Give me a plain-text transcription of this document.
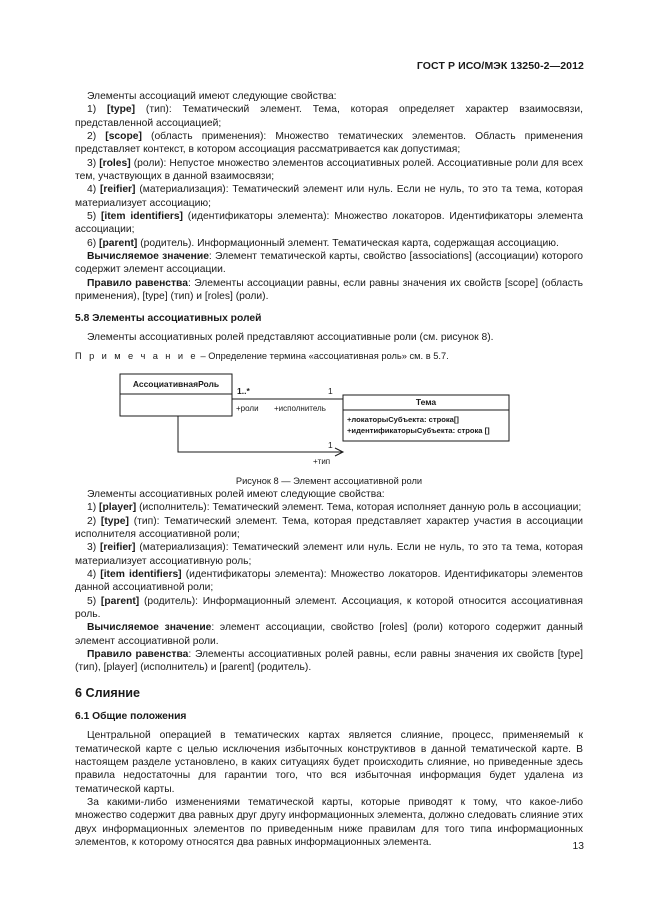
ГОСТ Р ИСО/МЭК 13250-2—2012

Элементы ассоциаций имеют следующие свойства:

1) [type] (тип): Тематический элемент. Тема, которая определяет характер взаимосвязи, представленной ассоциацией;

2) [scope] (область применения): Множество тематических элементов. Область применения представляет контекст, в котором ассоциация рассматривается как допустимая;

3) [roles] (роли): Непустое множество элементов ассоциативных ролей. Ассоциативные роли для всех тем, участвующих в данной взаимосвязи;

4) [reifier] (материализация): Тематический элемент или нуль. Если не нуль, то это та тема, которая материализует ассоциацию;

5) [item identifiers] (идентификаторы элемента): Множество локаторов. Идентификаторы элемента ассоциации;

6) [parent] (родитель). Информационный элемент. Тематическая карта, содержащая ассоциацию.

Вычисляемое значение: Элемент тематической карты, свойство [associations] (ассоциации) которого содержит элемент ассоциации.

Правило равенства: Элементы ассоциации равны, если равны значения их свойств [scope] (область применения), [type] (тип) и [roles] (роли).

5.8 Элементы ассоциативных ролей

Элементы ассоциативных ролей представляют ассоциативные роли (см. рисунок 8).

П р и м е ч а н и е – Определение термина «ассоциативная роль» см. в 5.7.

АссоциативнаяРоль
Тема
+локаторыСубъекта: строка[]
+идентификаторыСубъекта: строка []
1..*	1
+роли +исполнитель
1
+тип

Рисунок 8 — Элемент ассоциативной роли

Элементы ассоциативных ролей имеют следующие свойства:

1) [player] (исполнитель): Тематический элемент. Тема, которая исполняет данную роль в ассоциации;

2) [type] (тип): Тематический элемент. Тема, которая представляет характер участия в ассоциации исполнителя ассоциативной роли;

3) [reifier] (материализация): Тематический элемент или нуль. Если не нуль, то это та тема, которая материализует ассоциативную роль;

4) [item identifiers] (идентификаторы элемента): Множество локаторов. Идентификаторы элементов данной ассоциативной роли;

5) [parent] (родитель): Информационный элемент. Ассоциация, к которой относится ассоциативная роль.

Вычисляемое значение: элемент ассоциации, свойство [roles] (роли) которого содержит данный элемент ассоциативной роли.

Правило равенства: Элементы ассоциативных ролей равны, если равны значения их свойств [type] (тип), [player] (исполнитель) и [parent] (родитель).

6 Слияние

6.1 Общие положения

Центральной операцией в тематических картах является слияние, процесс, применяемый к тематической карте с целью исключения избыточных конструктивов в данной тематической карте. В настоящем разделе установлено, в каких ситуациях будет происходить слияние, но приведенные здесь правила недостаточны для гарантии того, что вся избыточная информация будет удалена из тематической карты.

За какими-либо изменениями тематической карты, которые приводят к тому, что какое-либо множество содержит два равных друг другу информационных элемента, должно следовать слияние этих двух информационных элементов по приведенным ниже правилам для того типа информационных элементов, к которому относятся два равных информационных элемента.	13
